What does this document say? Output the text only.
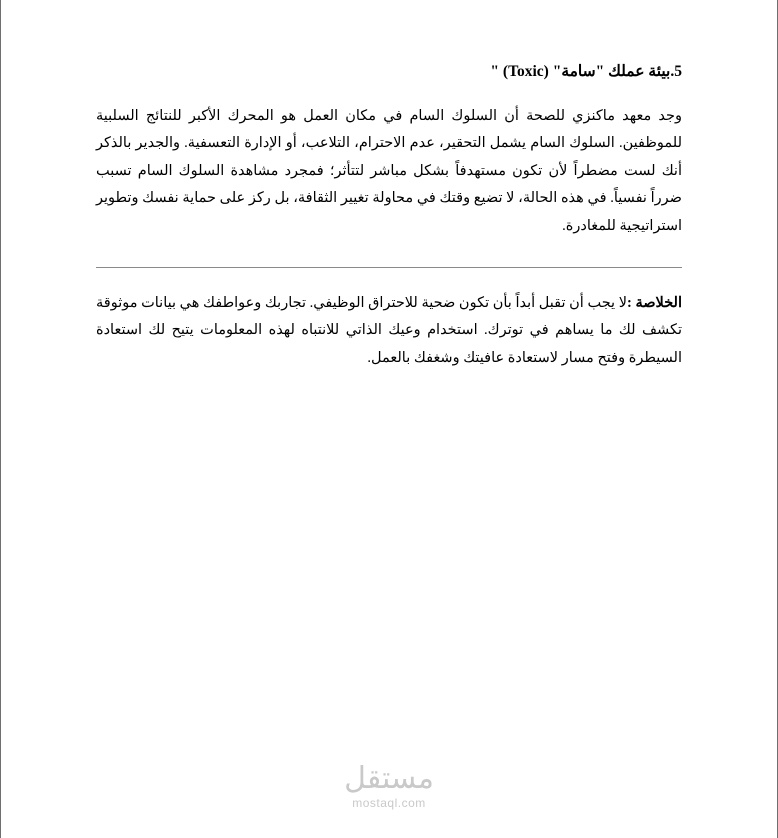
5.بيئة عملك "سامة" (Toxic) "

وجد معهد ماكنزي للصحة أن السلوك السام في مكان العمل هو المحرك الأكبر للنتائج السلبية للموظفين. السلوك السام يشمل التحقير، عدم الاحترام، التلاعب، أو الإدارة التعسفية. والجدير بالذكر أنك لست مضطراً لأن تكون مستهدفاً بشكل مباشر لتتأثر؛ فمجرد مشاهدة السلوك السام تسبب ضرراً نفسياً. في هذه الحالة، لا تضيع وقتك في محاولة تغيير الثقافة، بل ركز على حماية نفسك وتطوير استراتيجية للمغادرة.

الخلاصة :لا يجب أن تقبل أبداً بأن تكون ضحية للاحتراق الوظيفي. تجاربك وعواطفك هي بيانات موثوقة تكشف لك ما يساهم في توترك. استخدام وعيك الذاتي للانتباه لهذه المعلومات يتيح لك استعادة السيطرة وفتح مسار لاستعادة عافيتك وشغفك بالعمل.

مستقل
mostaql.com
